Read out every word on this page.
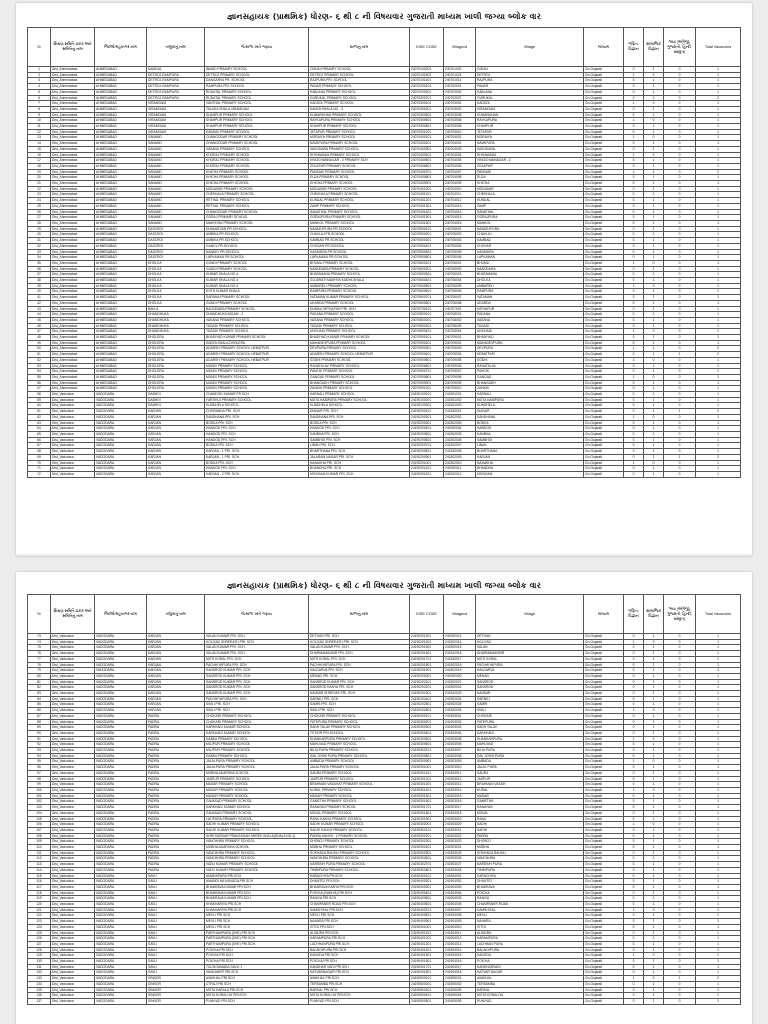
જ્ઞાનસહાયક (પ્રાથમિક) ધોરણ- ૬ થી ૮ ની વિષયવાર ગુજરાતી માધ્યમ ખાલી જગ્યા બ્લોક વાર
Sr	શિક્ષણ સમિતિ પ્રકાર અને સમિતિનું નામ	જિલ્લો/મહાનગર નામ	તાલુકાનું નામ	જે શાળા ખાતે ગણાય	શાળાનું નામ	DISE CODE	Villagecd	Village	માધ્યમ	ગણિત-વિજ્ઞાન	સામાજિક વિજ્ઞાન	ભાષા (અંગ્રેજી, ગુજરાતી, હિન્દી, સંસ્કૃત)	Total Vacancies
1	Dist_Ahmedabad	AHMEDABAD	MANDAL	INMAD PRIMARY SCHOOL	OGHAI PRIMARY SCHOOL	24070100203	240701002	OGHAI	Gn-Gujarati	0	1	0	1
2	Dist_Ahmedabad	AHMEDABAD	DETROJ-RAMPURA	DETROJ PRIMARY SCHOOL	DETROJ PRIMARY SCHOOL	24070102402	240701024	DETROJ	Gn-Gujarati	1	0	0	1
3	Dist_Ahmedabad	AHMEDABAD	DETROJ-RAMPURA	DANGARVA PR. SCHOOL	RAJPURA PRI. SCHOOL	24070101401	240701014	RAJPURA	Gn-Gujarati	0	1	0	1
4	Dist_Ahmedabad	AHMEDABAD	DETROJ-RAMPURA	RAMPURA PRI. SCHOOL	PANAR PRIMARY SCHOOL	24070200101	240702001	PANAR	Gn-Gujarati	0	1	0	1
5	Dist_Ahmedabad	AHMEDABAD	DETROJ-RAMPURA	RUDATAL PRIMARY SCHOOL	KABLANA PRIMARY SCHOOL	24070200201	240702002	KABLANA	Gn-Gujarati	0	1	0	1
6	Dist_Ahmedabad	AHMEDABAD	DETROJ-RAMPURA	RUDATAL PRIMARY SCHOOL	GURUKUL PRIMARY SCHOOL	24070200701	240702007	GURUKUL	Gn-Gujarati	0	2	0	2
7	Dist_Ahmedabad	AHMEDABAD	VIRAMGAM	VANTHAL PRIMARY SCHOOL	KADSOL PRIMARY SCHOOL	24070300101	240703001	KADSOL	Gn-Gujarati	1	0	0	1
8	Dist_Ahmedabad	AHMEDABAD	VIRAMGAM	TALUKA SHALA VIRAMGAM	KANYA SHALA NO - 3	24070300201	240703002	VIRAMGAM	Gn-Gujarati	0	1	0	1
9	Dist_Ahmedabad	AHMEDABAD	VIRAMGAM	SHAHPUR PRIMARY SCHOOL	KUMARKHAN PRIMARY SCHOOL	24070300501	240703005	KUMARKHAN	Gn-Gujarati	0	1	0	1
10	Dist_Ahmedabad	AHMEDABAD	VIRAMGAM	SHAHPUR PRIMARY SCHOOL	RAYKAPURA PRIMARY SCHOOL	24070300601	240703006	RAYKAPURA	Gn-Gujarati	1	0	0	1
11	Dist_Ahmedabad	AHMEDABAD	VIRAMGAM	SHAHPUR PRIMARY SCHOOL	SHAHPUR PRIMARY SCHOOL	24070300801	240703008	SHAHPUR	Gn-Gujarati	0	1	0	1
12	Dist_Ahmedabad	AHMEDABAD	VIRAMGAM	KANSAV PRIMARY SCHOOL	JETAPUR PRIMARY SCHOOL	24070301001	240703010	JETAPUR	Gn-Gujarati	0	1	0	1
13	Dist_Ahmedabad	AHMEDABAD	SANAND	CHANGODAR PRIMARY SCHOOL	MORAIYA PRIMARY SCHOOL	24070400101	240704001	MORAIYA	Gn-Gujarati	1	0	0	1
14	Dist_Ahmedabad	AHMEDABAD	SANAND	CHANGODAR PRIMARY SCHOOL	NAVAPURA PRIMARY SCHOOL	24070400201	240704002	NAVAPURA	Gn-Gujarati	0	1	0	1
15	Dist_Ahmedabad	AHMEDABAD	SANAND	VASANA PRIMARY SCHOOL	VASODARA PRIMARY SCHOOL	24070400301	240704003	VASODARA	Gn-Gujarati	0	1	0	1
16	Dist_Ahmedabad	AHMEDABAD	SANAND	KHORAJ PRIMARY SCHOOL	SHIYAWADA PRIMARY SCHOOL	24070400401	240704004	SHIYAWADA	Gn-Gujarati	1	0	0	1
17	Dist_Ahmedabad	AHMEDABAD	SANAND	KHORAJ PRIMARY SCHOOL	VINOCHANNAGAR - 2 PRIMARY SCH	24070400501	240704005	VINOCHANNAGAR - 2	Gn-Gujarati	0	1	0	1
18	Dist_Ahmedabad	AHMEDABAD	SANAND	KHORAJ PRIMARY SCHOOL	ZOLAPUR PRIMARY SCHOOL	24070400601	240704006	ZOLAPUR	Gn-Gujarati	0	1	0	1
19	Dist_Ahmedabad	AHMEDABAD	SANAND	KHICHA PRIMARY SCHOOL	PANSADI PRIMARY SCHOOL	24070400701	240704007	PANSADI	Gn-Gujarati	1	1	0	2
20	Dist_Ahmedabad	AHMEDABAD	SANAND	KHICHA PRIMARY SCHOOL	ELDA PRIMARY SCHOOL	24070400801	240704008	ELDA	Gn-Gujarati	0	1	0	1
21	Dist_Ahmedabad	AHMEDABAD	SANAND	KHICHA PRIMARY SCHOOL	KHICHA PRIMARY SCHOOL	24070400901	240704009	KHICHA	Gn-Gujarati	0	1	0	1
22	Dist_Ahmedabad	AHMEDABAD	SANAND	MODASAR PRIMARY SCHOOL	MODASAR PRIMARY SCHOOL	24070401001	240704010	MODASAR	Gn-Gujarati	0	1	0	1
23	Dist_Ahmedabad	AHMEDABAD	SANAND	CHEKHALA PRIMARY SCHOOL	CHEKHALA PRIMARY SCHOOL	24070401101	240704011	CHEKHALA	Gn-Gujarati	0	1	0	1
24	Dist_Ahmedabad	AHMEDABAD	SANAND	RETHAL PRIMARY SCHOOL	KUNDAL PRIMARY SCHOOL	24070401201	240704012	KUNDAL	Gn-Gujarati	0	1	0	1
25	Dist_Ahmedabad	AHMEDABAD	SANAND	RETHAL PRIMARY SCHOOL	ZAMP PRIMARY SCHOOL	24070401301	240704013	ZAMP	Gn-Gujarati	0	1	0	1
26	Dist_Ahmedabad	AHMEDABAD	SANAND	CHANGODAR PRIMARY SCHOOL	SANATHAL PRIMARY SCHOOL	24070401401	240704014	SANATHAL	Gn-Gujarati	0	1	0	1
27	Dist_Ahmedabad	AHMEDABAD	SANAND	GORAJ PRIMARY SCHOOL	GORAJPURA PRIMARY SCHOOL	24070401501	240704015	GORAJPURA	Gn-Gujarati	0	1	0	1
28	Dist_Ahmedabad	AHMEDABAD	SANAND	MAKHIYAV PRIMARY SCHOOL	MANKOL PRIMARY SCHOOL	24070401601	240704016	MANKOL	Gn-Gujarati	0	1	0	1
29	Dist_Ahmedabad	AHMEDABAD	DASCROI	DHAMATVAN PR.SCHOOL	NANDEJPURA PR.SCHOOL	24070500101	240705001	NANDEJPURA	Gn-Gujarati	0	1	0	1
30	Dist_Ahmedabad	AHMEDABAD	DASCROI	AMBIKA PR.SCHOOL	CHAVLAJ PR.SCHOOL	24070500201	240705002	CHAVLAJ	Gn-Gujarati	0	1	0	1
31	Dist_Ahmedabad	AHMEDABAD	DASCROI	AMBIKA PR.SCHOOL	KAMBAD PR.SCHOOL	24070500301	240705003	KAMBAD	Gn-Gujarati	0	1	0	1
32	Dist_Ahmedabad	AHMEDABAD	DASCROI	GANOL PR.SCHOOL	CHOSAR PR.SCHOOL	24070500401	240705004	CHOSAR	Gn-Gujarati	0	1	0	1
33	Dist_Ahmedabad	AHMEDABAD	DASCROI	NANDEJ PR.SCHOOL	KASINDRA PR.SCHOOL	24070500501	240705005	KASINDRA	Gn-Gujarati	0	1	0	1
34	Dist_Ahmedabad	AHMEDABAD	DASCROI	LAPKAMAN PR.SCHOOL	LAPKAMAN PR.SCHOOL	24070500601	240705006	LAPKAMAN	Gn-Gujarati	0	1	0	1
35	Dist_Ahmedabad	AHMEDABAD	DHOLKA	GUNDI PRIMARY SCHOOL	BHUMLI PRIMARY SCHOOL	24070600101	240706001	BHUMLI	Gn-Gujarati	1	0	0	1
36	Dist_Ahmedabad	AHMEDABAD	DHOLKA	GUNDI PRIMARY SCHOOL	NANODARA PRIMARY SCHOOL	24070600201	240706002	NANODARA	Gn-Gujarati	0	1	0	1
37	Dist_Ahmedabad	AHMEDABAD	DHOLKA	KUMAR SHALA NO-4	BHATAMANA PRIMARY SCHOOL	24070600301	240706003	BHATAMANA	Gn-Gujarati	0	1	0	1
38	Dist_Ahmedabad	AHMEDABAD	DHOLKA	KUMAR SHALA NO-4	GUJARATI MADHYA KANYA SHALA	24070600401	240706004	DHOLKA	Gn-Gujarati	0	1	0	1
39	Dist_Ahmedabad	AHMEDABAD	DHOLKA	KUMAR SHALA NO-4	AMBARELI PRIMARY SCHOOL	24070600501	240706005	AMBARELI	Gn-Gujarati	1	0	0	1
40	Dist_Ahmedabad	AHMEDABAD	DHOLKA	KOTH KUMAR SHALA	RAMPURA PRIMARY SCHOOL	24070600601	240706006	RAMPURA	Gn-Gujarati	0	1	0	1
41	Dist_Ahmedabad	AHMEDABAD	DHOLKA	SARANA PRIMARY SCHOOL	VATAMAN KUMAR PRIMARY SCHOOL	24070600701	240706007	VATAMAN	Gn-Gujarati	0	1	0	1
42	Dist_Ahmedabad	AHMEDABAD	DHOLKA	GUNDI PRIMARY SCHOOL	UKARDA PRIMARY SCHOOL	24070600801	240706008	UKARDA	Gn-Gujarati	0	1	0	1
43	Dist_Ahmedabad	AHMEDABAD	BAVLA	BAGODARA PRIMARY SCHOOL	DUMALI MITHAPUR PRI. SCH	24070700101	240707001	MITHAPUR	Gn-Gujarati	0	1	0	1
44	Dist_Ahmedabad	AHMEDABAD	DHANDHUKA	DHANDHUKA NIGAM - 2	PADANA PRIMARY SCHOOL	24070800101	240708001	PADANA	Gn-Gujarati	0	1	0	1
45	Dist_Ahmedabad	AHMEDABAD	DHANDHUKA	VASANA PRIMARY SCHOOL	VASANA PRIMARY SCHOOL	24070800201	240708002	VASANA	Gn-Gujarati	0	1	0	1
46	Dist_Ahmedabad	AHMEDABAD	DHANDHUKA	TAGADI PRIMARY SCHOOL	TAGADI PRIMARY SCHOOL	24070800301	240708003	TAGADI	Gn-Gujarati	0	1	0	1
47	Dist_Ahmedabad	AHMEDABAD	DHANDHUKA	TAGADI PRIMARY SCHOOL	UNCHADI PRIMARY SCHOOL	24070800401	240708004	UNCHADI	Gn-Gujarati	1	0	0	1
48	Dist_Ahmedabad	AHMEDABAD	DHOLERA	BHADIYAD KUMAR PRIMARY SCHOOL	BHADIYAD KUMAR PRIMARY SCHOOL	24070900101	240709001	BHADIYAD	Gn-Gujarati	0	1	0	1
49	Dist_Ahmedabad	AHMEDABAD	DHOLERA	KANYA SHALA DHOLERA	MAHADEVPURA PRIMARY SCHOOL	24070900201	240709002	MAHADEVPURA	Gn-Gujarati	0	1	0	1
50	Dist_Ahmedabad	AHMEDABAD	DHOLERA	ADARSH PRIMARY SCHOOL HEBATPUR	DEVPURA PRIMARY SCHOOL	24070900301	240709003	DEVPURA	Gn-Gujarati	1	1	0	2
51	Dist_Ahmedabad	AHMEDABAD	DHOLERA	ADARSH PRIMARY SCHOOL HEBATPUR	ADARSH PRIMARY SCHOOL HEBATPUR	24070900401	240709004	HEBATPUR	Gn-Gujarati	0	1	1	2
52	Dist_Ahmedabad	AHMEDABAD	DHOLERA	ADARSH PRIMARY SCHOOL HEBATPUR	SODHI PRIMARY SCHOOL	24070900501	240709005	SODHI	Gn-Gujarati	1	0	0	1
53	Dist_Ahmedabad	AHMEDABAD	DHOLERA	MUNDI PRIMARY SCHOOL	RAHATALAV PRIMARY SCHOOL	24070900601	240709006	RAHATALAV	Gn-Gujarati	0	1	0	1
54	Dist_Ahmedabad	AHMEDABAD	DHOLERA	MUNDI PRIMARY SCHOOL	PANCHI PRIMARY SCHOOL	24070900701	240709007	PANCHI	Gn-Gujarati	0	1	0	1
55	Dist_Ahmedabad	AHMEDABAD	DHOLERA	MUNDI PRIMARY SCHOOL	GANGAD PRIMARY SCHOOL	24070900801	240709008	GANGAD	Gn-Gujarati	1	0	0	1
56	Dist_Ahmedabad	AHMEDABAD	DHOLERA	MUNDI PRIMARY SCHOOL	BHANGADH PRIMARY SCHOOL	24070900901	240709009	BHANGADH	Gn-Gujarati	0	1	0	1
57	Dist_Ahmedabad	AHMEDABAD	DHOLERA	MUNDI PRIMARY SCHOOL	ZANKHI PRIMARY SCHOOL	24070901001	240709010	ZANKHI	Gn-Gujarati	0	1	0	1
58	Dist_Vadodara	VADODARA	DABHOI	CHANDOD KUMAR PR.SCH	KARNALI PRIMARY SCHOOL	24190100101	241901001	KARNALI	Gn-Gujarati	0	1	0	1
59	Dist_Vadodara	VADODARA	DABHOI	FARTIKUI PRIMARY SCHOOL	MOTA HABIPURA PRIMARY SCHOOL	24190100201	241901002	MOTA HABIPURA	Gn-Gujarati	0	1	0	1
60	Dist_Vadodara	VADODARA	DABHOI	KUNDHELA SCHOOL	KUNDHELA SCHOOL	24190100301	241901003	KUNDHELA	Gn-Gujarati	0	1	0	1
61	Dist_Vadodara	VADODARA	KARJAN	CHORANDA PRI. SCH	DIANAR PRI. SCH	24190200101	241902001	DIANAR	Gn-Gujarati	0	1	1	2
62	Dist_Vadodara	VADODARA	KARJAN	SANDHANA PRI. SCH	SANDHANA PRI. SCH	24190200201	241902002	SANDHANA	Gn-Gujarati	1	0	0	1
63	Dist_Vadodara	VADODARA	KARJAN	BODKA PRI. SCH	BODKA PRI. SCH	24190200301	241902003	BODKA	Gn-Gujarati	0	1	0	1
64	Dist_Vadodara	VADODARA	KARJAN	HANDOD PRI. SCH	HANDOD PRI. SCH	24190200401	241902004	HANDOD	Gn-Gujarati	0	1	0	1
65	Dist_Vadodara	VADODARA	KARJAN	HANDOD PRI. SCH	KANBHA PRI. SCH	24190200501	241902005	KANBHA	Gn-Gujarati	0	1	0	1
66	Dist_Vadodara	VADODARA	KARJAN	HANDOD PRI. SCH	SAMBHOI PRI. SCH	24190200601	241902006	SAMBHOI	Gn-Gujarati	0	1	0	1
67	Dist_Vadodara	VADODARA	KARJAN	BODKA PRI. SCH	LIBAN PRI. SCH	24190200701	241902007	LIBAN	Gn-Gujarati	0	1	0	1
68	Dist_Vadodara	VADODARA	KARJAN	KARJAN - 1 PRI. SCH.	BHARTHANA PRI. SCH	24190200801	241902008	BHARTHANA	Gn-Gujarati	0	1	0	1
69	Dist_Vadodara	VADODARA	KARJAN	KARJAN - 1 PRI. SCH.	JALARAM NAGAR PRI. SCH	24190200901	241902009	KARJAN	Gn-Gujarati	0	1	1	2
70	Dist_Vadodara	VADODARA	KARJAN	BODKA PRI. SCH	NANAKHA PRI. SCH	24190201001	241902010	NANAKHA	Gn-Gujarati	1	0	0	1
71	Dist_Vadodara	VADODARA	KARJAN	HANDOD PRI. SCH	BHANDHA PRI. SCH	24190201101	241902011	BHANDHA	Gn-Gujarati	0	1	0	1
72	Dist_Vadodara	VADODARA	KARJAN	KARJAN - 2 PRI. SCH.	MIYAGAM KUMAR PRI. SCH	24190201201	241902012	MIYAGAM	Gn-Gujarati	0	1	0	1
જ્ઞાનસહાયક (પ્રાથમિક) ધોરણ- ૬ થી ૮ ની વિષયવાર ગુજરાતી માધ્યમ ખાલી જગ્યા બ્લોક વાર
Sr	શિક્ષણ સમિતિ પ્રકાર અને સમિતિનું નામ	જિલ્લો/મહાનગર નામ	તાલુકાનું નામ	જે શાળા ખાતે ગણાય	શાળાનું નામ	DISE CODE	Villagecd	Village	માધ્યમ	ગણિત-વિજ્ઞાન	સામાજિક વિજ્ઞાન	ભાષા (અંગ્રેજી, ગુજરાતી, હિન્દી, સંસ્કૃત)	Total Vacancies
73	Dist_Vadodara	VADODARA	KARJAN	VALAN KUMAR PRI. SCH.	DETHAN PRI. SCH	24190201301	241902013	DETHAN	Gn-Gujarati	0	1	0	1
74	Dist_Vadodara	VADODARA	KARJAN	KOLIYAD SHREEATH PRI. SCH	KOLIYAD SHREEATH PRI. SCH	24190201401	241902014	KOLIYAD	Gn-Gujarati	1	0	0	1
75	Dist_Vadodara	VADODARA	KARJAN	VALAN KUMAR PRI. SCH.	VALAN KUMAR PRI. SCH.	24190201501	241902015	VALAN	Gn-Gujarati	0	1	0	1
76	Dist_Vadodara	VADODARA	KARJAN	VALAN KUMAR PRI. SCH.	DHARMAMANDIR PRI. SCH	24190201601	241902016	DHARMAMANDIR	Gn-Gujarati	0	1	0	1
77	Dist_Vadodara	VADODARA	KARJAN	MOTI KORAL PRI. SCH	MOTI KORAL PRI. SCH	24190201701	241902017	MOTI KORAL	Gn-Gujarati	0	1	0	1
78	Dist_Vadodara	VADODARA	KARJAN	PACHHIYAPURA PRI. SCH	PACHHIYAPURA PRI. SCH	24190201801	241902018	PACHHIYAPURA	Gn-Gujarati	0	1	0	1
79	Dist_Vadodara	VADODARA	KARJAN	SANSROD KUMAR PRI. SCH	HALDARVA PRI. SCH	24190201901	241902019	HALDARVA	Gn-Gujarati	0	1	0	1
80	Dist_Vadodara	VADODARA	KARJAN	SANSROD KUMAR PRI. SCH	MENAD PRI. SCH	24190202001	241902020	MENAD	Gn-Gujarati	0	1	0	1
81	Dist_Vadodara	VADODARA	KARJAN	SANSROD KUMAR PRI. SCH	SANSROD KUMAR PRI. SCH	24190202101	241902021	SANSROD	Gn-Gujarati	0	1	0	1
82	Dist_Vadodara	VADODARA	KARJAN	SANSROD KUMAR PRI. SCH	SANSROD KANYA PRI. SCH	24190202201	241902022	SANSROD	Gn-Gujarati	0	1	0	1
83	Dist_Vadodara	VADODARA	KARJAN	SANSROD KUMAR PRI. SCH	NAVBAR SHREYAS PRI. SCH	24190202301	241902023	NAVBAR	Gn-Gujarati	0	1	0	1
84	Dist_Vadodara	VADODARA	KARJAN	PACHHIYAPURA PRI. SCH	SARNEJ PRI. SCH	24190202401	241902024	SARNEJ	Gn-Gujarati	0	1	0	1
85	Dist_Vadodara	VADODARA	KARJAN	SIMLI PRI. SCH	SAMRI PRI. SCH	24190202501	241902025	SAMRI	Gn-Gujarati	0	1	0	1
86	Dist_Vadodara	VADODARA	KARJAN	SIMLI PRI. SCH	SIMLI PRI. SCH	24190202601	241902026	SIMLI	Gn-Gujarati	1	0	0	1
87	Dist_Vadodara	VADODARA	PADRA	CHOKARI PRIMARY SCHOOL	CHOKARI PRIMARY SCHOOL	24190300101	241903001	CHOKARI	Gn-Gujarati	0	1	0	1
88	Dist_Vadodara	VADODARA	PADRA	CHOKARI PRIMARY SCHOOL	FATEPURA PRIMARY SCHOOL	24190300201	241903002	FATEPURA	Gn-Gujarati	0	1	0	1
89	Dist_Vadodara	VADODARA	PADRA	KARKHADI KUMAR SCHOOL	SADH TALAV PRIMARY SCHOOL	24190300301	241903003	SADH TALAV	Gn-Gujarati	0	1	0	1
90	Dist_Vadodara	VADODARA	PADRA	KARKHADI KUMAR SCHOOL	TITHOR PRI.SCHOOL	24190300401	241903004	KARKHADI	Gn-Gujarati	0	1	0	1
91	Dist_Vadodara	VADODARA	PADRA	DABKA PRIMARY SCHOOL	SHANKARPURA PRIMARY SCHOOL	24190300501	241903005	SHANKARPURA	Gn-Gujarati	1	0	0	1
92	Dist_Vadodara	VADODARA	PADRA	MUJPUR PRIMARY SCHOOL	MAHUVAD PRIMARY SCHOOL	24190300601	241903006	MAHUVAD	Gn-Gujarati	0	1	0	1
93	Dist_Vadodara	VADODARA	PADRA	MUJPUR PRIMARY SCHOOL	BILIA PURA PRIMARY SCHOOL	24190300701	241903007	BILIA PURA	Gn-Gujarati	0	1	0	1
94	Dist_Vadodara	VADODARA	PADRA	DABKA PRIMARY SCHOOL	SAV JOSHI PURA PRIMARY SCHOOL	24190300801	241903008	SAV JOSHI PURA	Gn-Gujarati	0	1	0	1
95	Dist_Vadodara	VADODARA	PADRA	JALALPURA PRIMARY SCHOOL	AMBADA PRIMARY SCHOOL	24190300901	241903009	AMBADA	Gn-Gujarati	1	0	0	1
96	Dist_Vadodara	VADODARA	PADRA	JALALPURA PRIMARY SCHOOL	JALALPURA PRIMARY SCHOOL	24190301001	241903010	JALAL PURA	Gn-Gujarati	0	1	0	1
97	Dist_Vadodara	VADODARA	PADRA	MOBHA ADARSHA SCHOOL	SADRA PRIMARY SCHOOL	24190301101	241903011	SADRA	Gn-Gujarati	0	1	0	1
98	Dist_Vadodara	VADODARA	PADRA	JASPUR PRIMARY SCHOOL	JASPUR PRIMARY SCHOOL	24190301201	241903012	JASPUR	Gn-Gujarati	0	1	0	1
99	Dist_Vadodara	VADODARA	PADRA	MASAR PRIMARY SCHOOL	BRAHMAN VASAHAT PRIMARY SCHOOL	24190301301	241903013	BRAHMAN VASAH	Gn-Gujarati	0	1	0	1
100	Dist_Vadodara	VADODARA	PADRA	MASAR PRIMARY SCHOOL	KURAL PRIMARY SCHOOL	24190301401	241903014	KURAL	Gn-Gujarati	1	0	0	1
101	Dist_Vadodara	VADODARA	PADRA	MASAR PRIMARY SCHOOL	MASAR PRIMARY SCHOOL	24190301501	241903015	MASAR	Gn-Gujarati	0	1	0	1
102	Dist_Vadodara	VADODARA	PADRA	GAVASAD PRIMARY SCHOOL	GAMETHA PRIMARY SCHOOL	24190301601	241903016	GAMETHA	Gn-Gujarati	0	1	0	1
103	Dist_Vadodara	VADODARA	PADRA	KARKHADI KUMAR SCHOOL	RANAYAN PRIMARY SCHOOL	24190301701	241903017	RANAYAN	Gn-Gujarati	0	1	0	1
104	Dist_Vadodara	VADODARA	PADRA	GAVASAD PRIMARY SCHOOL	MOVAL PRIMARY SCHOOL	24190301801	241903018	MOVAL	Gn-Gujarati	0	1	0	1
105	Dist_Vadodara	VADODARA	PADRA	LATIPURA PRIMARY SCHOOL	RANU KANYA PRIMARY SCHOOL	24190301901	241903019	RANU	Gn-Gujarati	0	1	0	1
106	Dist_Vadodara	VADODARA	PADRA	SADHI KUMAR PRIMARY SCHOOL	SADHI KUMAR PRIMARY SCHOOL	24190302001	241903020	SADHI	Gn-Gujarati	1	0	0	1
107	Dist_Vadodara	VADODARA	PADRA	SADHI KUMAR PRIMARY SCHOOL	SADHI KANYA PRIMARY SCHOOL	24190302101	241903021	SADHI	Gn-Gujarati	0	1	0	1
108	Dist_Vadodara	VADODARA	PADRA	SHRI SARDAR PRAKASHAN SHREE SHALA(SHALA NO-1)	PADRA KANYA - 1 PRIMARY SCHOOL	24190302201	241903022	PADRA	Gn-Gujarati	0	1	0	1
109	Dist_Vadodara	VADODARA	PADRA	VANCHHRA PRIMARY SCHOOL	DHOBOJ PRIMARY SCHOOL	24190302301	241903023	DHOBOJ	Gn-Gujarati	0	1	0	1
110	Dist_Vadodara	VADODARA	PADRA	MOBHA ADARSHA SCHOOL	MOBHA PRIMARY SCHOOL	24190302401	241903024	MOBHA	Gn-Gujarati	0	1	0	1
111	Dist_Vadodara	VADODARA	PADRA	VANCHHRA PRIMARY SCHOOL	SOKHADA RAGHU PRIMARY SCHOOL	24190302501	241903025	SOKHADA RAGHU	Gn-Gujarati	0	1	0	1
112	Dist_Vadodara	VADODARA	PADRA	VANCHHRA PRIMARY SCHOOL	VANCHHRA PRIMARY SCHOOL	24190302601	241903026	VANCHHRA	Gn-Gujarati	0	1	0	1
113	Dist_Vadodara	VADODARA	PADRA	VADU KUMAR PRIMARY SCHOOL	NARSINH PURA PRIMARY SCHOOL	24190302701	241903027	NARSINH PURA	Gn-Gujarati	0	1	0	1
114	Dist_Vadodara	VADODARA	PADRA	VADU KUMAR PRIMARY SCHOOL	TIMBIPURA PRIMARY SCHOOL	24190302801	241903028	TIMBIPURA	Gn-Gujarati	0	1	0	1
115	Dist_Vadodara	VADODARA	SAVLI	AMARAPURA PRI.SCH	KARACHIYA PR.SCH	24190400101	241904001	KARACHIYA	Gn-Gujarati	0	1	0	1
116	Dist_Vadodara	VADODARA	SAVLI	AMANDI NA MUVADA PRI.SCH	DHANTEJ PRI.SCH	24190400201	241904002	DHANTEJ	Gn-Gujarati	0	1	0	1
117	Dist_Vadodara	VADODARA	SAVLI	BHADRAVA KUMAR PRI.SCH	BHADRAVA KANYA PRI.SCH	24190400301	241904003	BHADRAVA	Gn-Gujarati	0	1	0	1
118	Dist_Vadodara	VADODARA	SAVLI	BHADRAVA KUMAR PRI.SCH	POICHA (RANIYA) PRI.SCH	24190400401	241904004	POICHA	Gn-Gujarati	0	1	0	1
119	Dist_Vadodara	VADODARA	SAVLI	BHADRAVA KUMAR PRI.SCH	RANIYA PRI.SCH	24190400501	241904005	RANIYA	Gn-Gujarati	0	1	0	1
120	Dist_Vadodara	VADODARA	SAVLI	KHAKHARIYA PRI.SCH	CHAMPANER ROAD PRI.SCH	24190400601	241904006	CHAMPANER ROAD	Gn-Gujarati	0	1	0	1
121	Dist_Vadodara	VADODARA	SAVLI	KHAKHARIYA PRI.SCH	SAMSHIYAL PRI.SCH	24190400701	241904007	SAMSHIYAL	Gn-Gujarati	1	0	0	1
122	Dist_Vadodara	VADODARA	SAVLI	MEVLI PRI.SCH	MEVLI PRI.SCH	24190400801	241904008	MEVLI	Gn-Gujarati	0	1	0	1
123	Dist_Vadodara	VADODARA	SAVLI	MEVLI PRI.SCH	NAHARA PRI.SCH	24190400901	241904009	NAHARA	Gn-Gujarati	0	1	0	1
124	Dist_Vadodara	VADODARA	SAVLI	MEVLI PRI.SCH	VITOJ PRI.SCH	24190401001	241904010	VITOJ	Gn-Gujarati	0	1	0	1
125	Dist_Vadodara	VADODARA	SAVLI	PARTHAMPURA (SHE) PRI.SCH	ALINDRA PRI.SCH	24190401101	241904011	ALINDRA	Gn-Gujarati	0	1	0	1
126	Dist_Vadodara	VADODARA	SAVLI	PARTHAMPURA (SHE) PRI.SCH	KARAMPURA PRI.SCH	24190401201	241904012	KARAMPURA	Gn-Gujarati	0	1	0	1
127	Dist_Vadodara	VADODARA	SAVLI	PARTHAMPURA (SHE) PRI.SCH	LACHHANPURA PRI.SCH	24190401301	241904013	LACHHAN PURA	Gn-Gujarati	0	1	0	1
128	Dist_Vadodara	VADODARA	SAVLI	POICHA PRI.SCH	BALAKHPURA PRI.SCH	24190401401	241904014	BALAKHPURA	Gn-Gujarati	0	1	0	1
129	Dist_Vadodara	VADODARA	SAVLI	POICHA PRI.SCH	KANODA PRI.SCH	24190401501	241904015	KANODA	Gn-Gujarati	1	0	0	1
130	Dist_Vadodara	VADODARA	SAVLI	POICHA PRI.SCH	POICHA PRI.SCH	24190401601	241904016	POICHA	Gn-Gujarati	0	1	0	1
131	Dist_Vadodara	VADODARA	SAVLI	TULSIGAMADA SAVLI 1	KANDHAR VADI PRI.SCH	24190401701	241904017	KANDHARVADI	Gn-Gujarati	0	1	0	1
132	Dist_Vadodara	VADODARA	SAVLI	VANKANER PRI.SCH	NATVARNAGAR PRI.SCH	24190401801	241904018	NATVAR NAGAR	Gn-Gujarati	0	1	0	1
133	Dist_Vadodara	VADODARA	SINNOR	AVAKHAL PRI.SCH	AVAKHAL PRI.SCH	24190500101	241905001	AVAKHAL	Gn-Gujarati	1	0	1	2
134	Dist_Vadodara	VADODARA	SINNOR	UTRAJ PRI.SCH	TERSAMBA PRI.SCH	24190500201	241905002	TERSAMBA	Gn-Gujarati	0	1	0	1
135	Dist_Vadodara	VADODARA	SINNOR	MOTA KARALA PRI.SCH	BARKAL PRI.SCH	24190500301	241905003	BARKAL	Gn-Gujarati	0	1	0	1
136	Dist_Vadodara	VADODARA	SINNOR	MOTA KORALIYA PRI.SCH	MOTA KORALIYA PRI.SCH	24190500401	241905004	MOTA KORALIYA	Gn-Gujarati	0	1	0	1
137	Dist_Vadodara	VADODARA	SINNOR	PUNIYAD PRI.SCH	PUNIYAD PRI.SCH	24190500501	241905005	PUNIYAD	Gn-Gujarati	0	1	0	1
